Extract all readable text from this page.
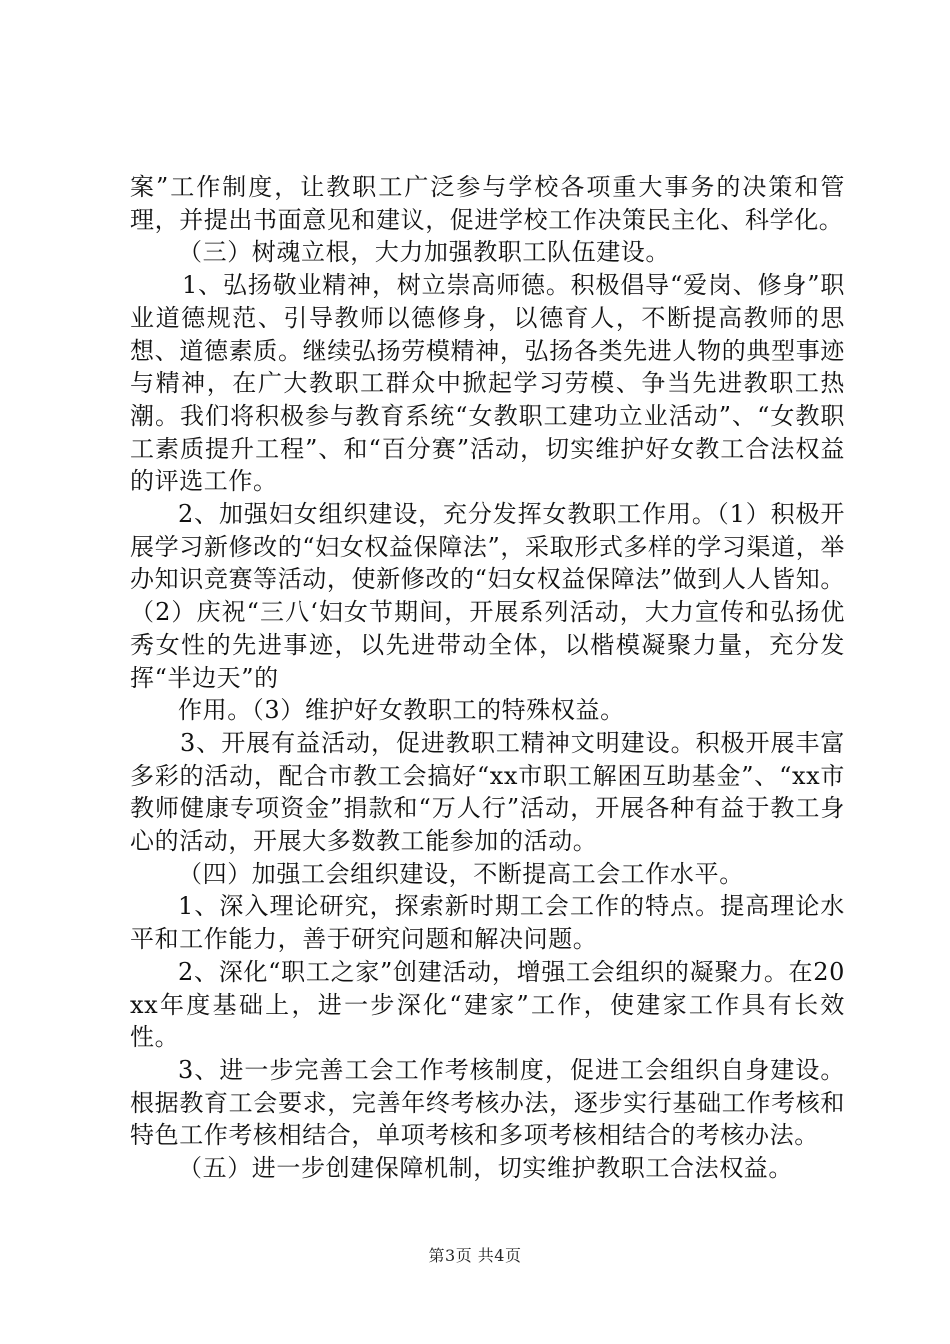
案”工作制度，让教职工广泛参与学校各项重大事务的决策和管理，并提出书面意见和建议，促进学校工作决策民主化、科学化。

（三）树魂立根，大力加强教职工队伍建设。

1、弘扬敬业精神，树立崇高师德。积极倡导“爱岗、修身”职业道德规范、引导教师以德修身，以德育人，不断提高教师的思想、道德素质。继续弘扬劳模精神，弘扬各类先进人物的典型事迹与精神，在广大教职工群众中掀起学习劳模、争当先进教职工热潮。我们将积极参与教育系统“女教职工建功立业活动”、“女教职工素质提升工程”、和“百分赛”活动，切实维护好女教工合法权益的评选工作。

2、加强妇女组织建设，充分发挥女教职工作用。（1）积极开展学习新修改的“妇女权益保障法”，采取形式多样的学习渠道，举办知识竞赛等活动，使新修改的“妇女权益保障法”做到人人皆知。（2）庆祝“三八‘妇女节期间，开展系列活动，大力宣传和弘扬优秀女性的先进事迹，以先进带动全体，以楷模凝聚力量，充分发挥“半边天”的

作用。（3）维护好女教职工的特殊权益。

3、开展有益活动，促进教职工精神文明建设。积极开展丰富多彩的活动，配合市教工会搞好“xx市职工解困互助基金”、“xx市教师健康专项资金”捐款和“万人行”活动，开展各种有益于教工身心的活动，开展大多数教工能参加的活动。

（四）加强工会组织建设，不断提高工会工作水平。

1、深入理论研究，探索新时期工会工作的特点。提高理论水平和工作能力，善于研究问题和解决问题。

2、深化“职工之家”创建活动，增强工会组织的凝聚力。在20xx年度基础上，进一步深化“建家”工作，使建家工作具有长效性。

3、进一步完善工会工作考核制度，促进工会组织自身建设。根据教育工会要求，完善年终考核办法，逐步实行基础工作考核和特色工作考核相结合，单项考核和多项考核相结合的考核办法。

（五）进一步创建保障机制，切实维护教职工合法权益。

第3页 共4页
